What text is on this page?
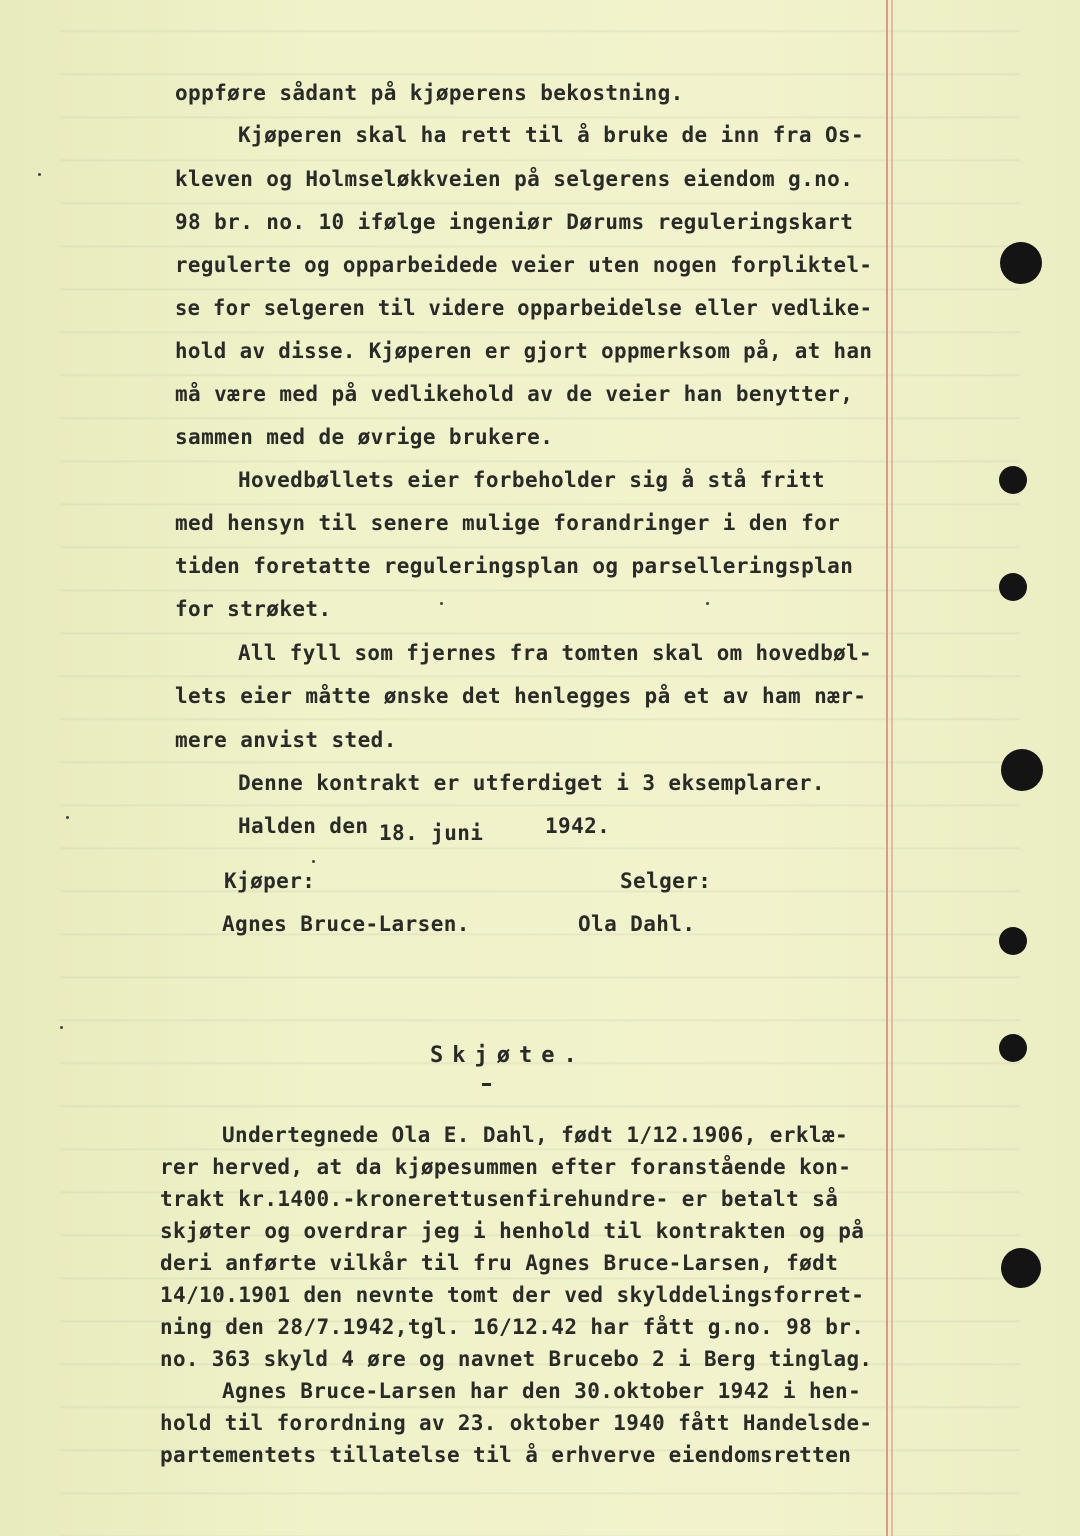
oppføre sådant på kjøperens bekostning.
Kjøperen skal ha rett til å bruke de inn fra Os-
kleven og Holmseløkkveien på selgerens eiendom g.no.
98 br. no. 10 ifølge ingeniør Dørums reguleringskart
regulerte og opparbeidede veier uten nogen forpliktel-
se for selgeren til videre opparbeidelse eller vedlike-
hold av disse. Kjøperen er gjort oppmerksom på, at han
må være med på vedlikehold av de veier han benytter,
sammen med de øvrige brukere.
Hovedbøllets eier forbeholder sig å stå fritt
med hensyn til senere mulige forandringer i den for
tiden foretatte reguleringsplan og parselleringsplan
for strøket.
All fyll som fjernes fra tomten skal om hovedbøl-
lets eier måtte ønske det henlegges på et av ham nær-
mere anvist sted.
Denne kontrakt er utferdiget i 3 eksemplarer.
Halden den 18. juni	1942.
Kjøper:	Selger:
Agnes Bruce-Larsen.	Ola Dahl.
Skjøte.
Undertegnede Ola E. Dahl, født 1/12.1906, erklæ-
rer herved, at da kjøpesummen efter foranstående kon-
trakt kr.1400.-kronerettusenfirehundre- er betalt så
skjøter og overdrar jeg i henhold til kontrakten og på
deri anførte vilkår til fru Agnes Bruce-Larsen, født
14/10.1901 den nevnte tomt der ved skylddelingsforret-
ning den 28/7.1942,tgl. 16/12.42 har fått g.no. 98 br.
no. 363 skyld 4 øre og navnet Brucebo 2 i Berg tinglag.
Agnes Bruce-Larsen har den 30.oktober 1942 i hen-
hold til forordning av 23. oktober 1940 fått Handelsde-
partementets tillatelse til å erhverve eiendomsretten
